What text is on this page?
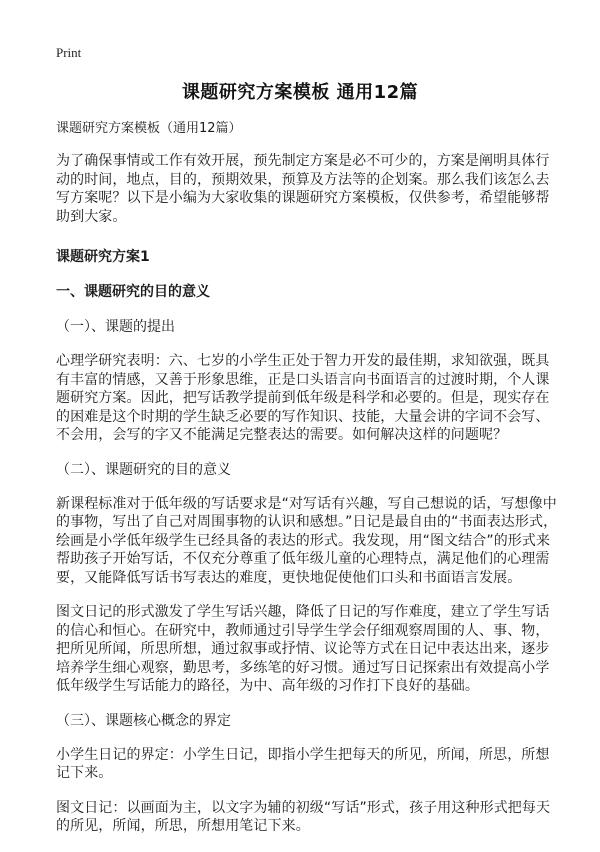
Print
课题研究方案模板 通用12篇
课题研究方案模板（通用12篇）

为了确保事情或工作有效开展，预先制定方案是必不可少的，方案是阐明具体行动的时间，地点，目的，预期效果，预算及方法等的企划案。那么我们该怎么去写方案呢？以下是小编为大家收集的课题研究方案模板，仅供参考，希望能够帮助到大家。

课题研究方案1
一、课题研究的目的意义
（一）、课题的提出

心理学研究表明：六、七岁的小学生正处于智力开发的最佳期，求知欲强，既具有丰富的情感，又善于形象思维，正是口头语言向书面语言的过渡时期，个人课题研究方案。因此，把写话教学提前到低年级是科学和必要的。但是，现实存在的困难是这个时期的学生缺乏必要的写作知识、技能，大量会讲的字词不会写、不会用，会写的字又不能满足完整表达的需要。如何解决这样的问题呢？

（二）、课题研究的目的意义

新课程标准对于低年级的写话要求是“对写话有兴趣，写自己想说的话，写想像中的事物，写出了自己对周围事物的认识和感想。”日记是最自由的“书面表达形式，绘画是小学低年级学生已经具备的表达的形式。我发现，用“图文结合”的形式来帮助孩子开始写话，不仅充分尊重了低年级儿童的心理特点，满足他们的心理需要，又能降低写话书写表达的难度，更快地促使他们口头和书面语言发展。

图文日记的形式激发了学生写话兴趣，降低了日记的写作难度，建立了学生写话的信心和恒心。在研究中，教师通过引导学生学会仔细观察周围的人、事、物，把所见所闻，所思所想，通过叙事或抒情、议论等方式在日记中表达出来，逐步培养学生细心观察，勤思考，多练笔的好习惯。通过写日记探索出有效提高小学低年级学生写话能力的路径，为中、高年级的习作打下良好的基础。

（三）、课题核心概念的界定

小学生日记的界定：小学生日记，即指小学生把每天的所见，所闻，所思，所想记下来。

图文日记：以画面为主，以文字为辅的初级“写话”形式，孩子用这种形式把每天的所见，所闻，所思，所想用笔记下来。
